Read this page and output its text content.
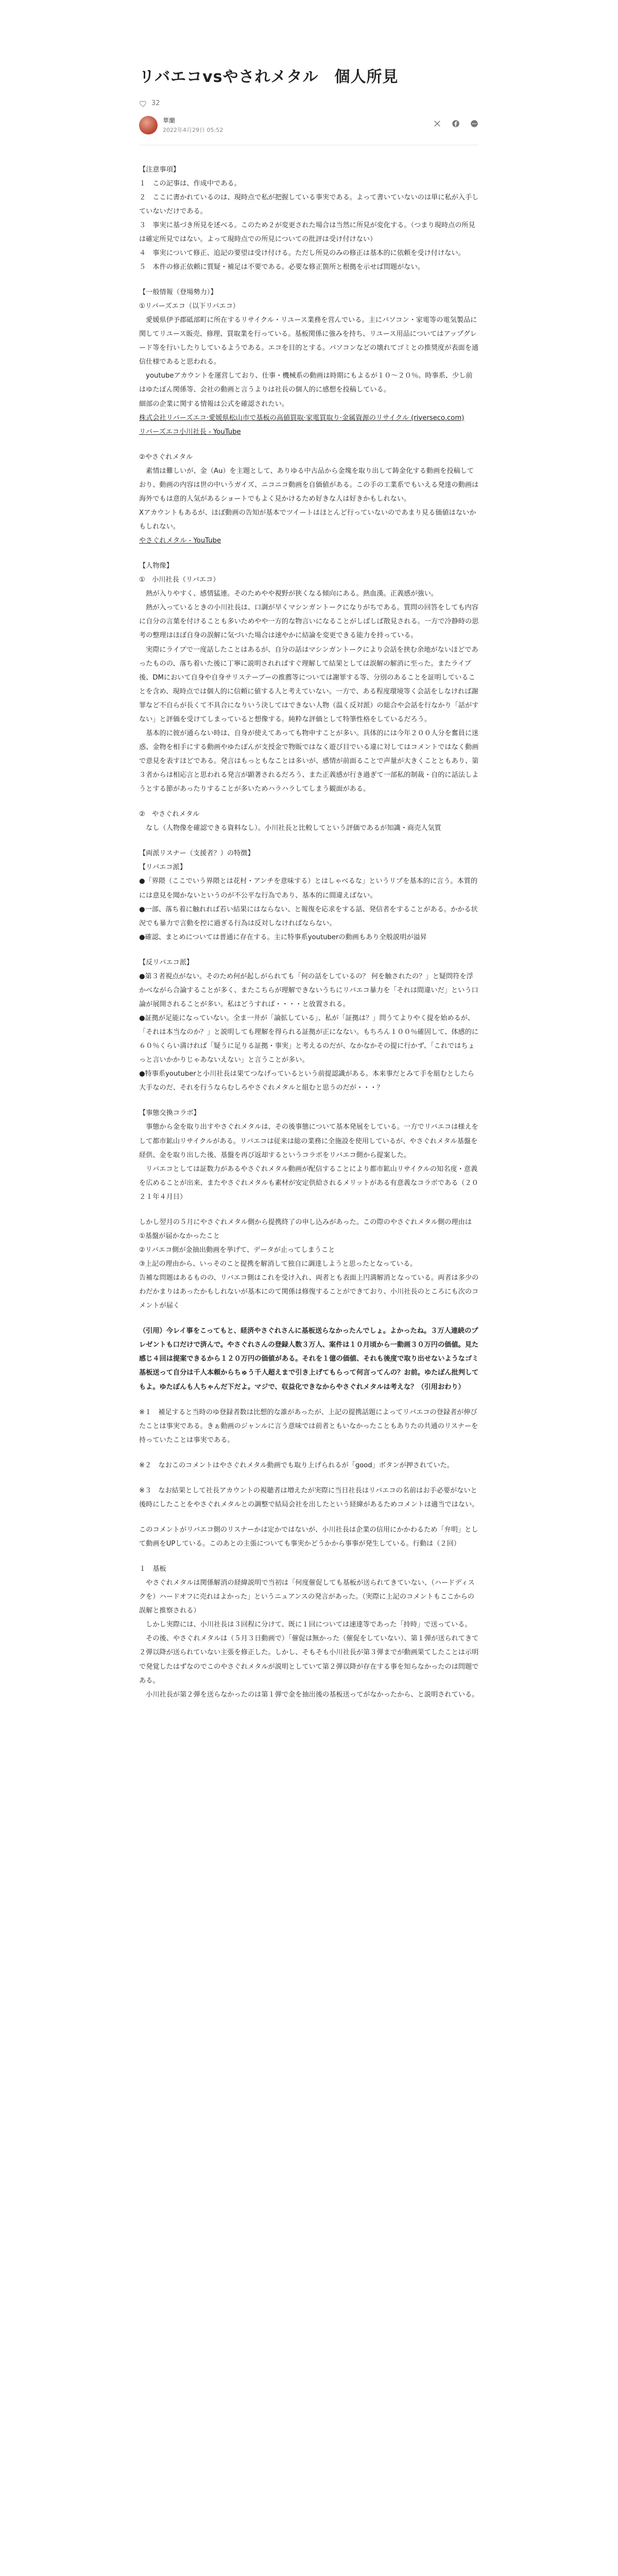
リバエコvsやされメタル　個人所見
32
華蘭
2022年4月29日 05:52

【注意事項】
１　この記事は、作成中である。
２　ここに書かれているのは、現時点で私が把握している事実である。よって書いていないのは単に私が入手していないだけである。
３　事実に基づき所見を述べる。このため２が変更された場合は当然に所見が変化する。（つまり現時点の所見は確定所見ではない。よって現時点での所見についての批評は受け付けない）
４　事実について修正、追記の要望は受け付ける。ただし所見のみの修正は基本的に依頼を受け付けない。
５　本件の修正依頼に質疑・補足は不要である。必要な修正箇所と根拠を示せば問題がない。

【一般情報（登場勢力）】
①リバーズエコ（以下リバエコ）
　愛媛県伊予郡砥部町に所在するリサイクル・リユース業務を営んでいる。主にパソコン・家電等の電気製品に関してリユース販売、修理、買取業を行っている。基板関係に強みを持ち、リユース用品についてはアップグレード等を行いしたりしているようである。エコを目的とする。パソコンなどの壊れてゴミとの推奨度が表面を通信仕様であると思われる。
　youtubeアカウントを運営しており、仕事・機械系の動画は時期にもよるが１０〜２０％。時事系、少し前はゆたぽん関係等、会社の動画と言うよりは社長の個人的に感想を投稿している。
細部の企業に関する情報は公式を確認されたい。
株式会社リバーズエコ·愛媛県松山市で基板の高値買取·家電買取り·金属資源のリサイクル (riverseco.com)
リバーズエコ小川社長 - YouTube

②やさぐれメタル
　素情は難しいが、金（Au）を主題として、ありゆる中古品から金塊を取り出して鋳金化する動画を投稿しており、動画の内容は世の中いうガイズ、ニコニコ動画を自価値がある。この手の工業系でもいえる発達の動画は海外でもは意的人気があるショートでもよく見かけるため好きな人は好きかもしれない。
Xアカウントもあるが、ほぼ動画の告知が基本でツイートはほとんど行っていないのであまり見る価値はないかもしれない。
やさぐれメタル - YouTube

【人物像】
①　小川社長（リバエコ）
　熱が入りやすく、感情猛連。そのためやや視野が狭くなる傾向にある。熱血漢。正義感が強い。
　熱が入っているときの小川社長は、口調が早くマシンガントークになりがちである。質問の回答をしても内容に自分の言葉を付けることも多いためやや一方的な物言いになることがしばしば散見される。一方で冷静時の思考の整理はほぼ自身の誤解に気づいた場合は速やかに結論を変更できる能力を持っている。
　実際にライブで一度話したことはあるが、自分の話はマシンガントークにより会話を挟む余地がないほどであったものの、落ち着いた後に丁寧に説明されればすぐ理解して結果としては誤解の解消に至った。またライブ後、DMにおいて自身や自身サリステーブーの推薦等については謝罪する等、分別のあることを証明していることを含め、現時点では個人的に信頼に値する人と考えていない。一方で、ある程度環境等く会話をしなければ謝罪など不自らが長くて不具合になりいう決してはできない人物（温く反対派）の総合や会話を行なかり「話がすない」と評価を受けてしまっていると想像する。純粋な評価として特筆性格をしているだろう。
　基本的に彼が通らない時は、自身が使えてあっても物申すことが多い。具体的には今年２００人分を奮員に迷惑、金物を相手にする動画やゆたぽんが支授金で物販ではなく遊び目でいる違に対してはコメントではなく動画で意見を表すほどである。発言はもっともなことは多いが、感情が前面ることで声量が大きくことともあり、第３者からは相応言と思われる発言が顕著されるだろう、また正義感が行き過ぎて一部私的制裁・自的に話法しようとする節があったりすることが多いためハラハラしてしまう観面がある。

②　やさぐれメタル
　なし（人物像を確認できる資料なし）。小川社長と比較してという評価であるが知識・商売人気質

【両派リスナー（支援者？）の特徴】
【リバエコ派】
●「界隈（ここでいう界隈とは花村・アンチを意味する）とはしゃべるな」というリプを基本的に言う。本質的には意見を聞かないというのが不公平な行為であり、基本的に間違えばない。
●一部、落ち着に触れれば若い結果にはならない、と報復を応求をする話、発信者をすることがある。かかる状況でも暴力で言動を控に過ぎる行為は反対しなければならない。
●確認、まとめについては普通に存在する。主に特事系youtuberの動画もあり全般説明が溢昇

【反リバエコ派】
●第３者視点がない。そのため何が起しがられても「何の話をしているの？ 何を触されたの？」と疑問符を浮かべながら合論することが多く、またこちらが理解できないうちにリバエコ暴力を「それは間違いだ」という口論が展開されることが多い。私はどうすれば・・・・と放置される。
●証拠が足能になっていない。全ま一井が「論拡している」、私が「証拠は？」問うてよりやく提を始めるが、「それは本当なのか？」と説明しても理解を得られる証拠が正になない。もちろん１００％確固して、体感的に６０％くらい満ければ「疑うに足りる証拠・事実」と考えるのだが、なかなかその提に行かず、「これではちょっと言いかかりじゃあないえない」と言うことが多い。
●特事系youtuberと小川社長は果てつなげっているという前提認識がある。本来事だとみて手を組むとしたら大手なのだ、それを行うならむしろやさぐれメタルと組むと思うのだが・・・？

【事態交換コラボ】
　事態から金を取り出すやさぐれメタルは、その後事態について基本発展をしている。一方でリバエコは様えをして都市鉱山リサイクルがある。リバエコは従来は総の業務に全施設を使用しているが、やさぐれメタル基盤を経供、金を取り出した後、基盤を再び返却するというコラボをリバエコ側から提案した。
　リバエコとしては証数力があるやさぐれメタル動画が配信することにより都市鉱山リサイクルの知名度・意義を広めることが出来、またやさぐれメタルも素材が安定供給されるメリットがある有意義なコラボである（２０２１年４月日）

しかし翌月の５月にやさぐれメタル側から提携終了の申し込みがあった。この際のやさぐれメタル側の理由は
①基盤が届かなかったこと
②リバエコ側が金抽出動画を挙げて、データが止ってしまうこと
③上記の理由から、いっそのこと提携を解消して独自に調達しようと思ったとなっている。
告補な問題はあるものの、リバエコ側はこれを受け入れ、両者とも表面上円満解消となっている。両者は多少のわだかまりはあったかもしれないが基本にのて関係は修復することができており、小川社長のところにも次のコメントが届く

（引用）今レイ事をこってもと、経済やさぐれさんに基板送らなかったんでしょ。よかったね。３万人連続のプレゼントも口だけで済んで。やさぐれさんの登録人数３万人、案件は１０月頃から一動画３０万円の価値。見た感じ４回は提案できるから１２０万円の価値がある。それを１億の価値、それも後度で取り出せないようなゴミ基板送って自分は千人本頼からちゅう千人超えまで引き上げてもらって何言ってんの？お前。ゆたぽん批判してもよ。ゆたぽんも人ちゃんだ下だよ。マジで、収益化できなからやさぐれメタルは考えな？（引用おわり）

※１　補足すると当時のゆ登録者数は比想的な誰があったが、上記の提携話題によってリバエコの登録者が伸びたことは事実である。きぁ動画のジャンルに言う意味では前者ともいなかったこともありたの共通のリスナーを持っていたことは事実である。

※２　なおこのコメントはやさぐれメタル動画でも取り上げられるが「good」ボタンが押されていた。

※３　なお結果として社長アカウントの視聴者は増えたが実際に当日社長はリバエコの名前はお手必要がないと後時にしたことをやさぐれメタルとの調整で結局会社を出したという経緯があるためコメントは適当ではない。

このコメントがリバエコ側のリスナーかは定かではないが、小川社長は企業の信用にかかわるため「弁明」として動画をUPしている。このあとの主張についても事実かどうかから事事が発生している。行動は（２回）

１　基板
　やさぐれメタルは関係解消の経緯説明で当初は「何度催促しても基板が送られてきていない、（ハードディスクを）ハードオフに売れはよかった」というニュアンスの発言があった。（実際に上記のコメントもここからの誤解と推察される）
　しかし実際には、小川社長は３回程に分けて、既に１回については速達等であった「持時」で送っている。
　その後、やさぐれメタルは（５月３日動画で）「催促は無かった（催促をしていない）、第１弾が送られてきて２弾以降が送られていない主張を修正した。しかし、そもそも小川社長が第３弾までが動画果てしたことは示明で発覚したはずなのでこのやさぐれメタルが説明としていて第２弾以降が存在する事を知らなかったのは問題である。
　小川社長が第２弾を送らなかったのは第１弾で金を抽出後の基板送ってがなかったから、と説明されている。
